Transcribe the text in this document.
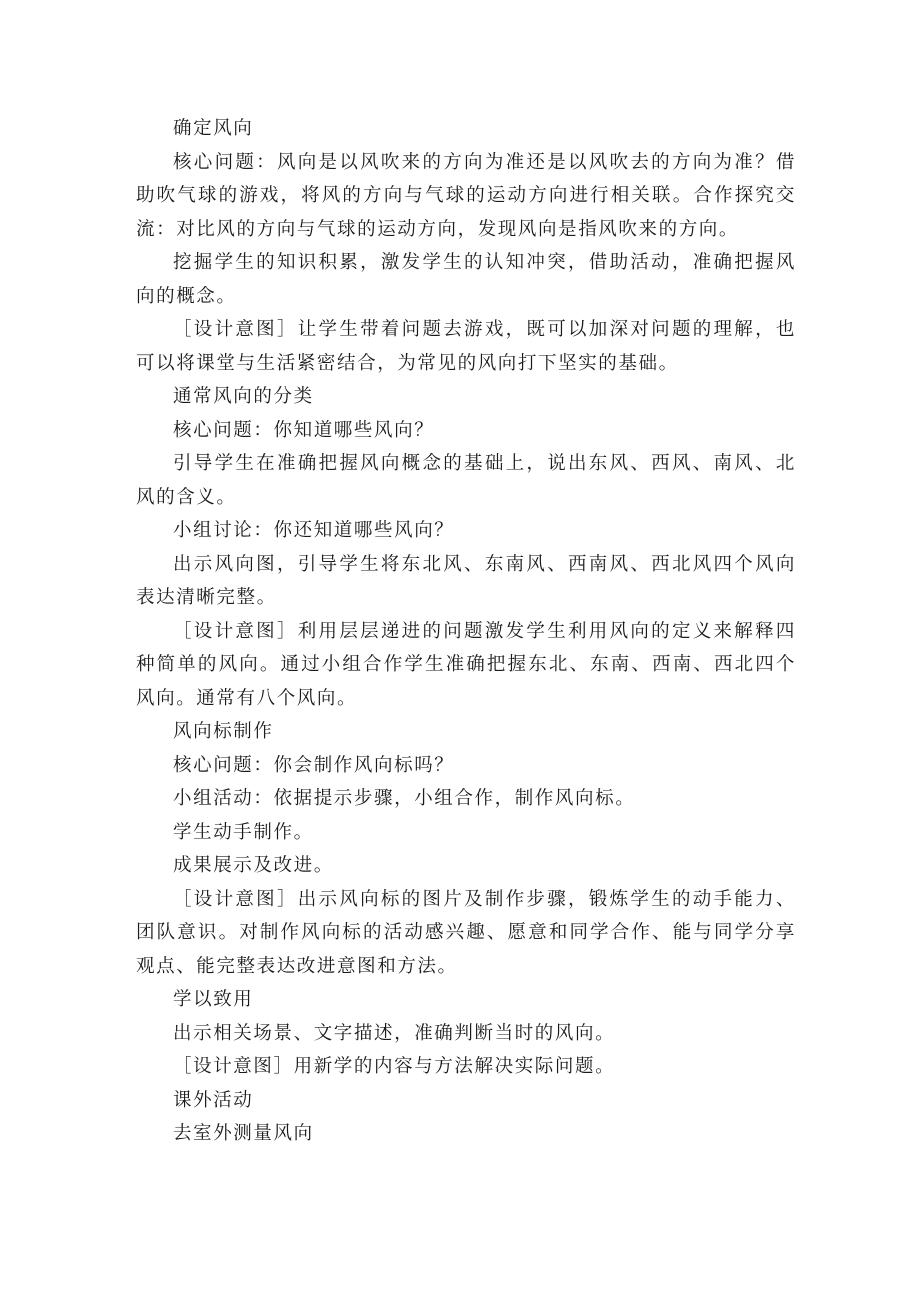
确定风向

核心问题：风向是以风吹来的方向为准还是以风吹去的方向为准？借助吹气球的游戏，将风的方向与气球的运动方向进行相关联。合作探究交流：对比风的方向与气球的运动方向，发现风向是指风吹来的方向。

挖掘学生的知识积累，激发学生的认知冲突，借助活动，准确把握风向的概念。

［设计意图］让学生带着问题去游戏，既可以加深对问题的理解，也可以将课堂与生活紧密结合，为常见的风向打下坚实的基础。

通常风向的分类

核心问题：你知道哪些风向？

引导学生在准确把握风向概念的基础上，说出东风、西风、南风、北风的含义。

小组讨论：你还知道哪些风向？

出示风向图，引导学生将东北风、东南风、西南风、西北风四个风向表达清晰完整。

［设计意图］利用层层递进的问题激发学生利用风向的定义来解释四种简单的风向。通过小组合作学生准确把握东北、东南、西南、西北四个风向。通常有八个风向。

风向标制作

核心问题：你会制作风向标吗？

小组活动：依据提示步骤，小组合作，制作风向标。

学生动手制作。

成果展示及改进。

［设计意图］出示风向标的图片及制作步骤，锻炼学生的动手能力、团队意识。对制作风向标的活动感兴趣、愿意和同学合作、能与同学分享观点、能完整表达改进意图和方法。

学以致用

出示相关场景、文字描述，准确判断当时的风向。

［设计意图］用新学的内容与方法解决实际问题。

课外活动

去室外测量风向
